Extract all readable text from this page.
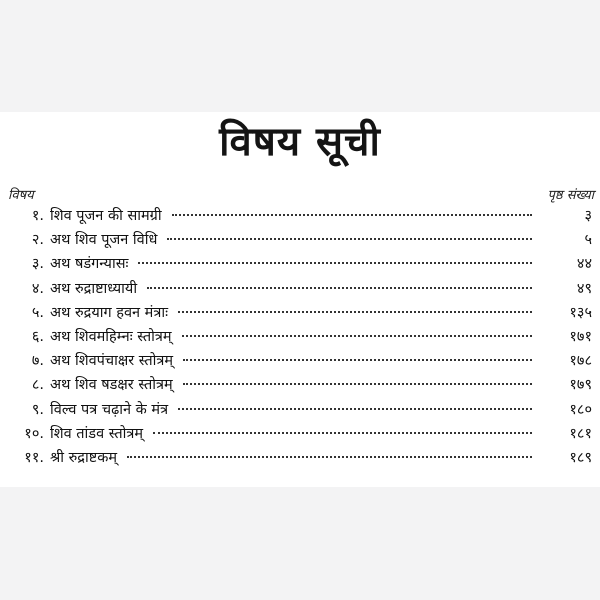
विषय सूची
विषय	पृष्ठ संख्या
१. शिव पूजन की सामग्री	३
२. अथ शिव पूजन विधि	५
३. अथ षडंगन्यासः	४४
४. अथ रुद्राष्टाध्यायी	४९
५. अथ रुद्रयाग हवन मंत्राः	१३५
६. अथ शिवमहिम्नः स्तोत्रम्	१७१
७. अथ शिवपंचाक्षर स्तोत्रम्	१७८
८. अथ शिव षडक्षर स्तोत्रम्	१७९
९. विल्व पत्र चढ़ाने के मंत्र	१८०
१०. शिव तांडव स्तोत्रम्	१८१
११. श्री रुद्राष्टकम्	१८९
